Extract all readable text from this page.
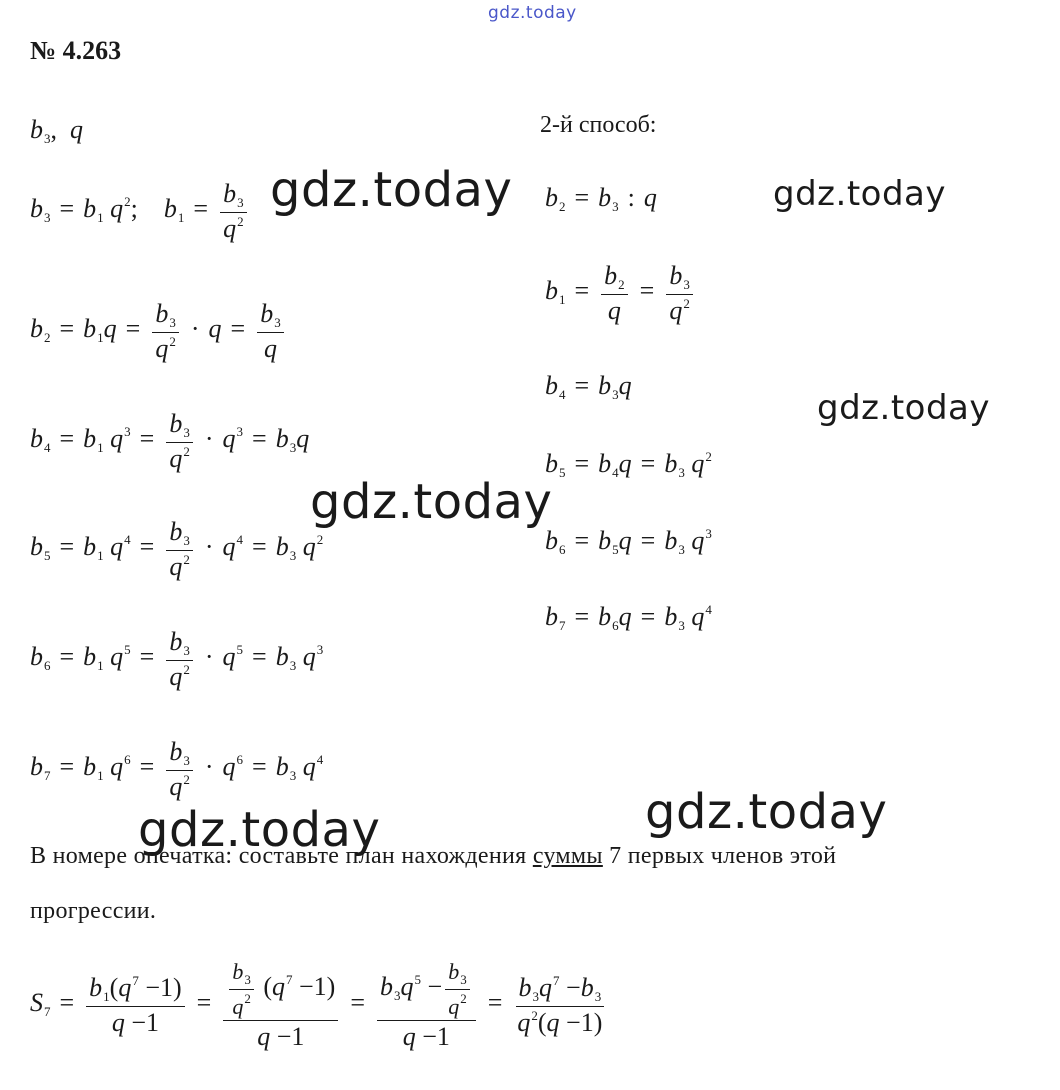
gdz.today
gdz.today	gdz.today
gdz.today
gdz.today
gdz.today
gdz.today
№ 4.263
2-й способ:
$b_3$,  q
$b_3 = b_1$ $q^2$;    $b_1 = \frac{b_3}{q^2}$
$b_2 = b_1q = \frac{b_3}{q^2} \cdot q = \frac{b_3}{q}$
$b_4 = b_1$ $q^3 = \frac{b_3}{q^2} \cdot q^3 = b_3q$
$b_5 = b_1$ $q^4 = \frac{b_3}{q^2} \cdot q^4 = b_3$ $q^2$
$b_6 = b_1$ $q^5 = \frac{b_3}{q^2} \cdot q^5 = b_3$ $q^3$
$b_7 = b_1$ $q^6 = \frac{b_3}{q^2} \cdot q^6 = b_3$ $q^4$
$b_2 = b_3$ : q
$b_1 = \frac{b_2}{q} = \frac{b_3}{q^2}$
$b_4 = b_3q$
$b_5 = b_4q = b_3$ $q^2$
$b_6 = b_5q = b_3$ $q^3$
$b_7 = b_6q = b_3$ $q^4$
В номере опечатка: составьте план нахождения суммы 7 первых членов этой
прогрессии.
$S_7 = \frac{b_1(q^7 -1)}{q -1} = \frac{\frac{b_3}{q^2} (q^7 -1)}{q -1} = \frac{b_3q^5 - \frac{b_3}{q^2}}{q -1} = \frac{b_3q^7 -b_3}{q^2(q -1)}$
